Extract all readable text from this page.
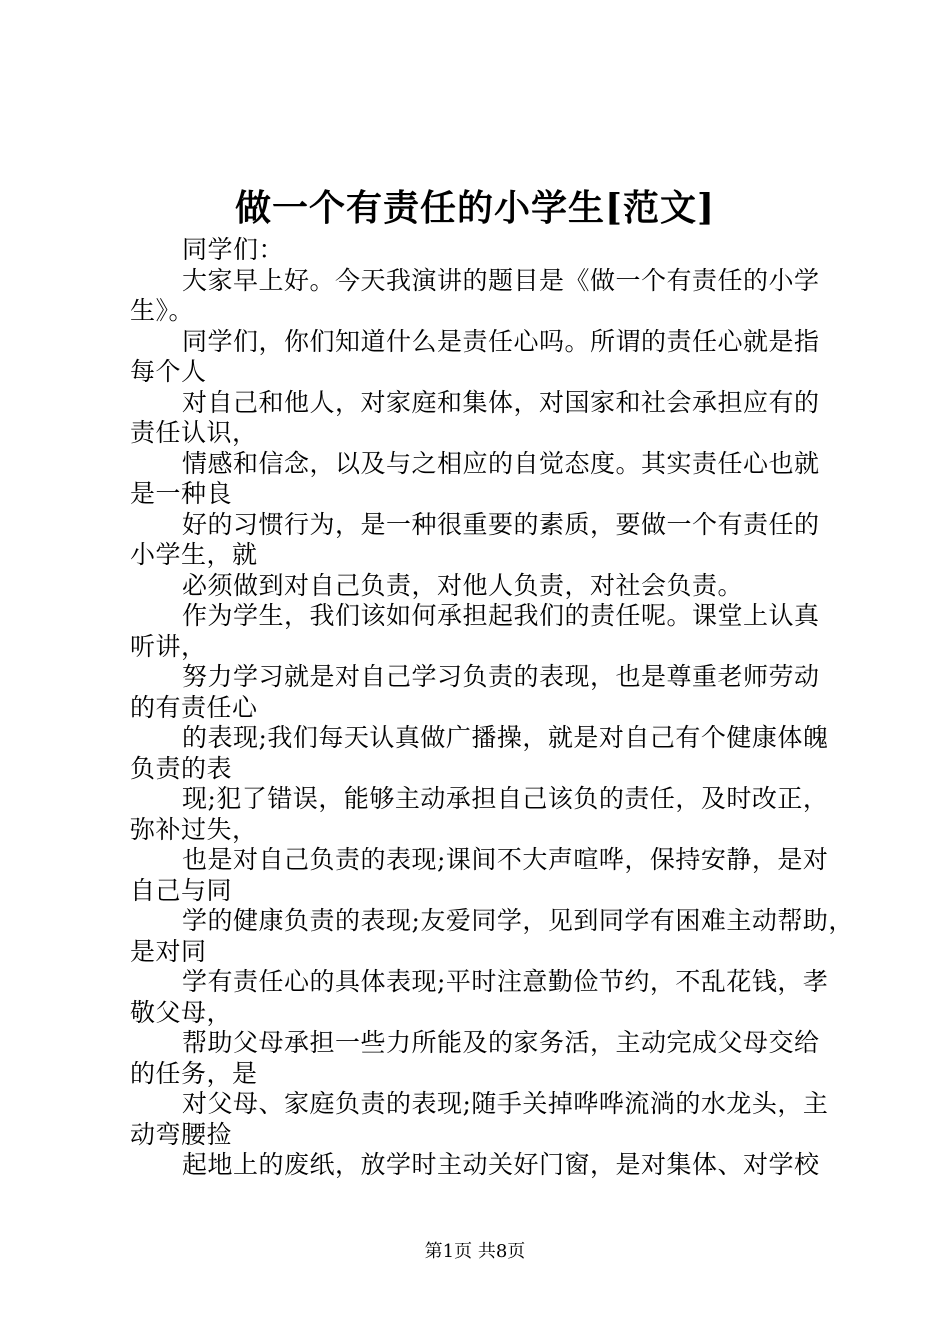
做一个有责任的小学生[范文]
同学们：
大家早上好。今天我演讲的题目是《做一个有责任的小学
生》。
同学们，你们知道什么是责任心吗。所谓的责任心就是指
每个人
对自己和他人，对家庭和集体，对国家和社会承担应有的
责任认识，
情感和信念，以及与之相应的自觉态度。其实责任心也就
是一种良
好的习惯行为，是一种很重要的素质，要做一个有责任的
小学生，就
必须做到对自己负责，对他人负责，对社会负责。
作为学生，我们该如何承担起我们的责任呢。课堂上认真
听讲，
努力学习就是对自己学习负责的表现，也是尊重老师劳动
的有责任心
的表现;我们每天认真做广播操，就是对自己有个健康体魄
负责的表
现;犯了错误，能够主动承担自己该负的责任，及时改正，
弥补过失，
也是对自己负责的表现;课间不大声喧哗，保持安静，是对
自己与同
学的健康负责的表现;友爱同学，见到同学有困难主动帮助，
是对同
学有责任心的具体表现;平时注意勤俭节约，不乱花钱，孝
敬父母，
帮助父母承担一些力所能及的家务活，主动完成父母交给
的任务，是
对父母、家庭负责的表现;随手关掉哗哗流淌的水龙头，主
动弯腰捡
起地上的废纸，放学时主动关好门窗，是对集体、对学校
第1页 共8页
